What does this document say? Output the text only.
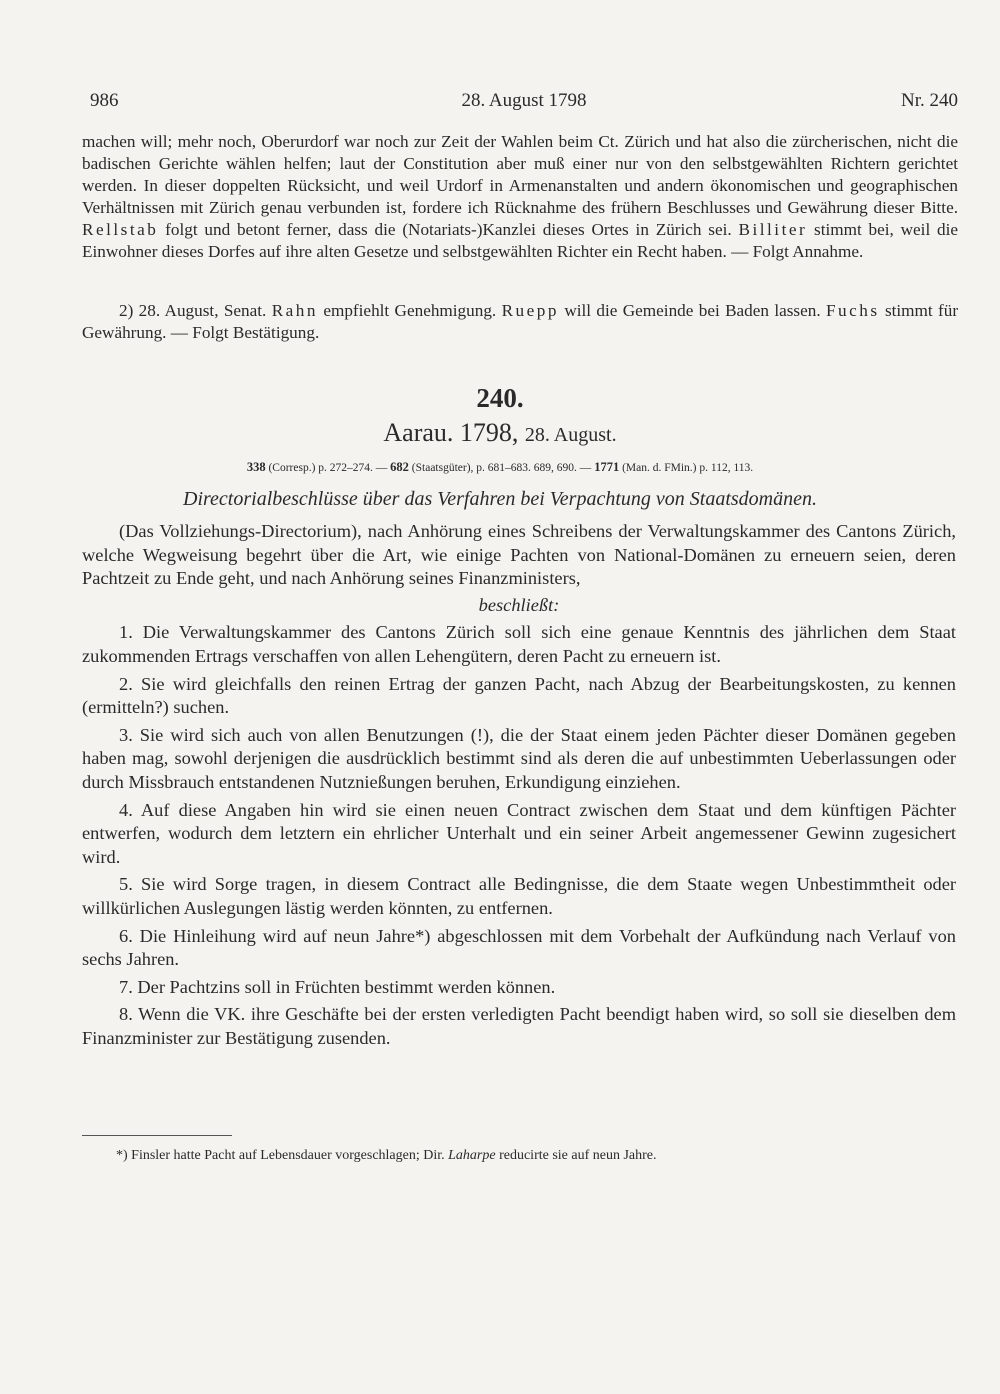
986	28. August 1798	Nr. 240

machen will; mehr noch, Oberurdorf war noch zur Zeit der Wahlen beim Ct. Zürich und hat also die zürcherischen, nicht die badischen Gerichte wählen helfen; laut der Constitution aber muß einer nur von den selbstgewählten Richtern gerichtet werden. In dieser doppelten Rücksicht, und weil Urdorf in Armenanstalten und andern ökonomischen und geographischen Verhältnissen mit Zürich genau verbunden ist, fordere ich Rücknahme des frühern Beschlusses und Gewährung dieser Bitte. Rellstab folgt und betont ferner, dass die (Notariats-)Kanzlei dieses Ortes in Zürich sei. Billiter stimmt bei, weil die Einwohner dieses Dorfes auf ihre alten Gesetze und selbstgewählten Richter ein Recht haben. — Folgt Annahme.

2) 28. August, Senat. Rahn empfiehlt Genehmigung. Ruepp will die Gemeinde bei Baden lassen. Fuchs stimmt für Gewährung. — Folgt Bestätigung.

240.
Aarau. 1798, 28. August.
338 (Corresp.) p. 272–274. — 682 (Staatsgüter), p. 681–683. 689, 690. — 1771 (Man. d. FMin.) p. 112, 113.
Directorialbeschlüsse über das Verfahren bei Verpachtung von Staatsdomänen.

(Das Vollziehungs-Directorium), nach Anhörung eines Schreibens der Verwaltungskammer des Cantons Zürich, welche Wegweisung begehrt über die Art, wie einige Pachten von National-Domänen zu erneuern seien, deren Pachtzeit zu Ende geht, und nach Anhörung seines Finanzministers,

beschließt:

1. Die Verwaltungskammer des Cantons Zürich soll sich eine genaue Kenntnis des jährlichen dem Staat zukommenden Ertrags verschaffen von allen Lehengütern, deren Pacht zu erneuern ist.

2. Sie wird gleichfalls den reinen Ertrag der ganzen Pacht, nach Abzug der Bearbeitungskosten, zu kennen (ermitteln?) suchen.

3. Sie wird sich auch von allen Benutzungen (!), die der Staat einem jeden Pächter dieser Domänen gegeben haben mag, sowohl derjenigen die ausdrücklich bestimmt sind als deren die auf unbestimmten Ueberlassungen oder durch Missbrauch entstandenen Nutznießungen beruhen, Erkundigung einziehen.

4. Auf diese Angaben hin wird sie einen neuen Contract zwischen dem Staat und dem künftigen Pächter entwerfen, wodurch dem letztern ein ehrlicher Unterhalt und ein seiner Arbeit angemessener Gewinn zugesichert wird.

5. Sie wird Sorge tragen, in diesem Contract alle Bedingnisse, die dem Staate wegen Unbestimmtheit oder willkürlichen Auslegungen lästig werden könnten, zu entfernen.

6. Die Hinleihung wird auf neun Jahre*) abgeschlossen mit dem Vorbehalt der Aufkündung nach Verlauf von sechs Jahren.

7. Der Pachtzins soll in Früchten bestimmt werden können.

8. Wenn die VK. ihre Geschäfte bei der ersten verledigten Pacht beendigt haben wird, so soll sie dieselben dem Finanzminister zur Bestätigung zusenden.

*) Finsler hatte Pacht auf Lebensdauer vorgeschlagen; Dir. Laharpe reducirte sie auf neun Jahre.
